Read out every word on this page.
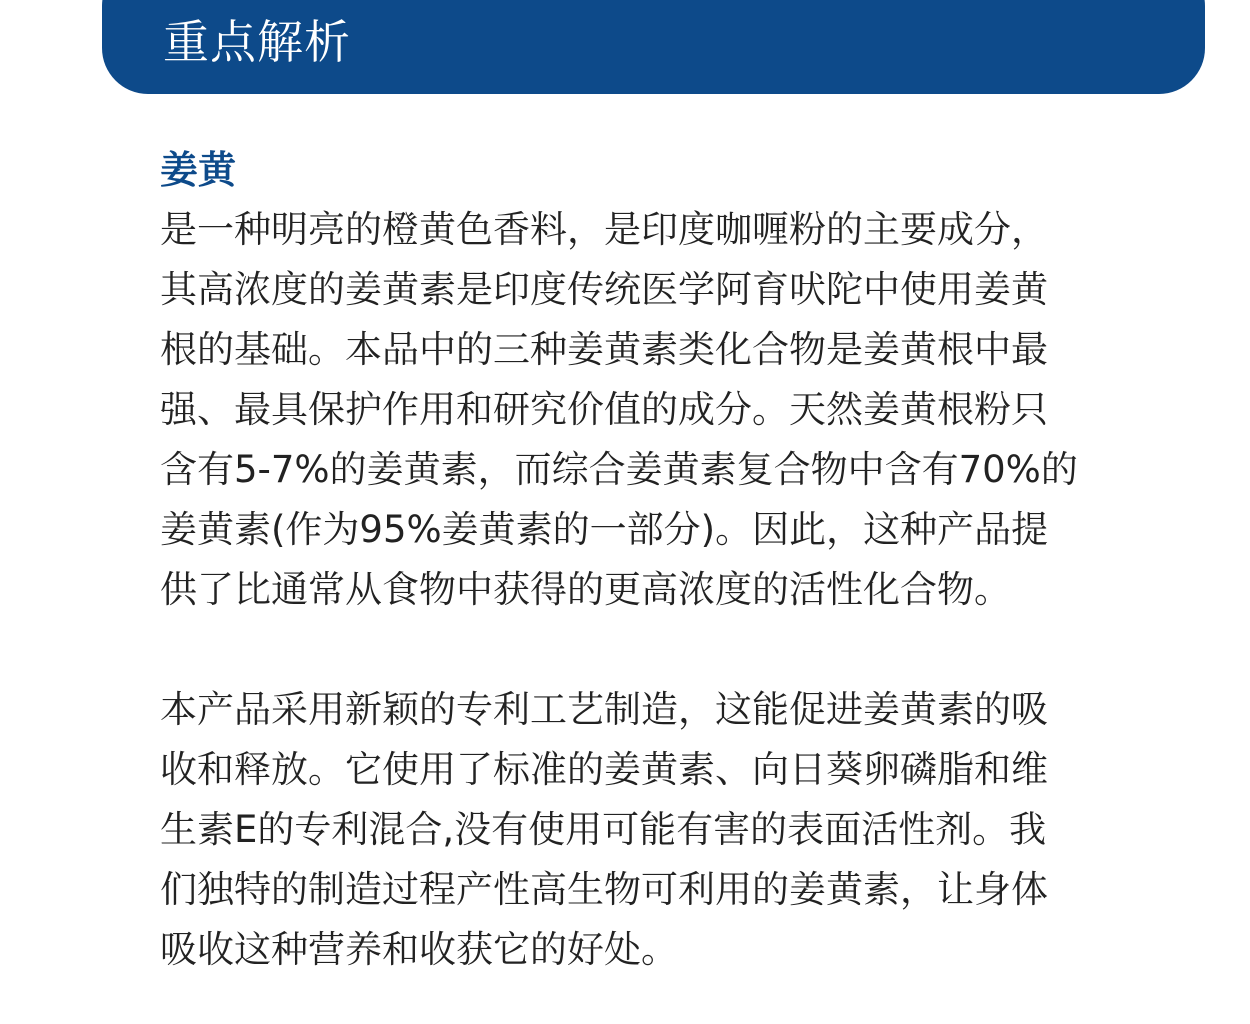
重点解析
姜黄
是一种明亮的橙黄色香料，是印度咖喱粉的主要成分，
其高浓度的姜黄素是印度传统医学阿育吠陀中使用姜黄
根的基础。本品中的三种姜黄素类化合物是姜黄根中最
强、最具保护作用和研究价值的成分。天然姜黄根粉只
含有5-7%的姜黄素，而综合姜黄素复合物中含有70%的
姜黄素(作为95%姜黄素的一部分)。因此，这种产品提
供了比通常从食物中获得的更高浓度的活性化合物。
本产品采用新颖的专利工艺制造，这能促进姜黄素的吸
收和释放。它使用了标准的姜黄素、向日葵卵磷脂和维
生素E的专利混合,没有使用可能有害的表面活性剂。我
们独特的制造过程产性高生物可利用的姜黄素，让身体
吸收这种营养和收获它的好处。
